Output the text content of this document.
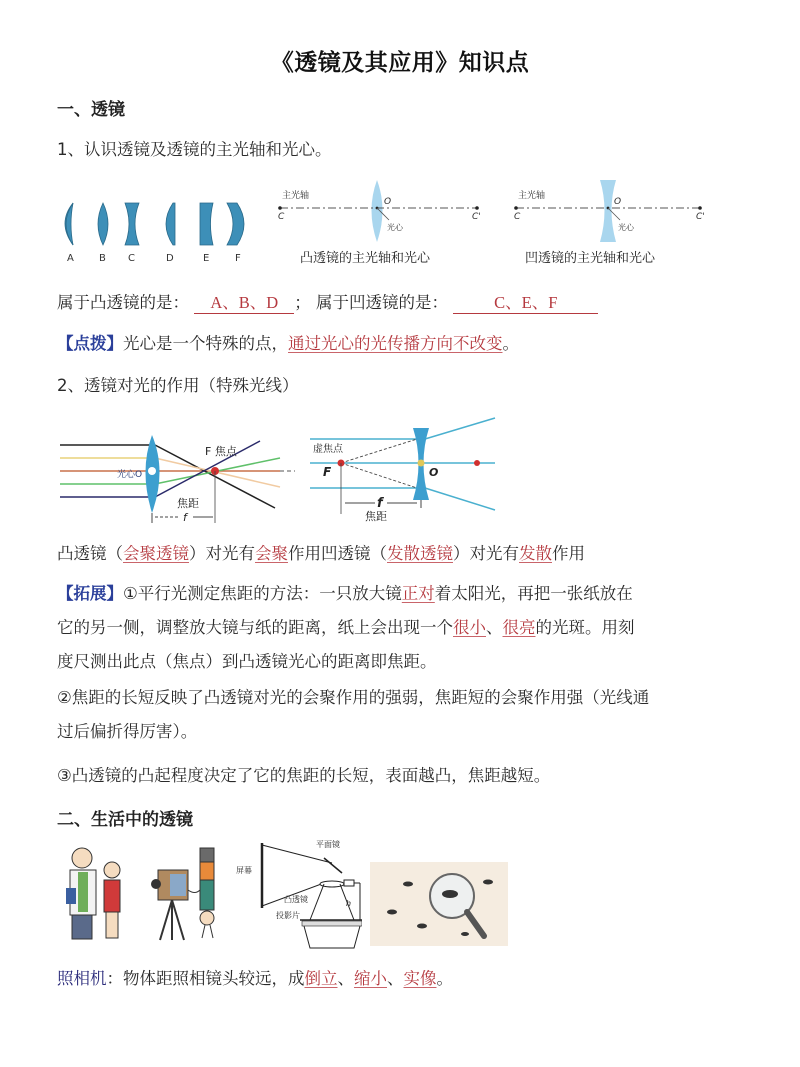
《透镜及其应用》知识点
一、透镜
1、认识透镜及透镜的主光轴和光心。
A	B C	D	E	F
主光轴
C	C'
O
光心
凸透镜的主光轴和光心
主光轴
C	C'
O
光心
凹透镜的主光轴和光心
属于凸透镜的是： A、B、D ； 属于凹透镜的是：	C、E、F
【点拨】光心是一个特殊的点，通过光心的光传播方向不改变。
2、透镜对光的作用（特殊光线）
F 焦点
光心O
焦距
f
虚焦点
F	O
f
焦距
凸透镜（会聚透镜）对光有会聚作用凹透镜（发散透镜）对光有发散作用
【拓展】①平行光测定焦距的方法：一只放大镜正对着太阳光，再把一张纸放在
它的另一侧，调整放大镜与纸的距离，纸上会出现一个很小、很亮的光斑。用刻
度尺测出此点（焦点）到凸透镜光心的距离即焦距。
②焦距的长短反映了凸透镜对光的会聚作用的强弱，焦距短的会聚作用强（光线通
过后偏折得厉害）。
③凸透镜的凸起程度决定了它的焦距的长短，表面越凸，焦距越短。
二、生活中的透镜
平面镜
屏幕
凸透镜
投影片
h
照相机：物体距照相镜头较远，成倒立、缩小、实像。
